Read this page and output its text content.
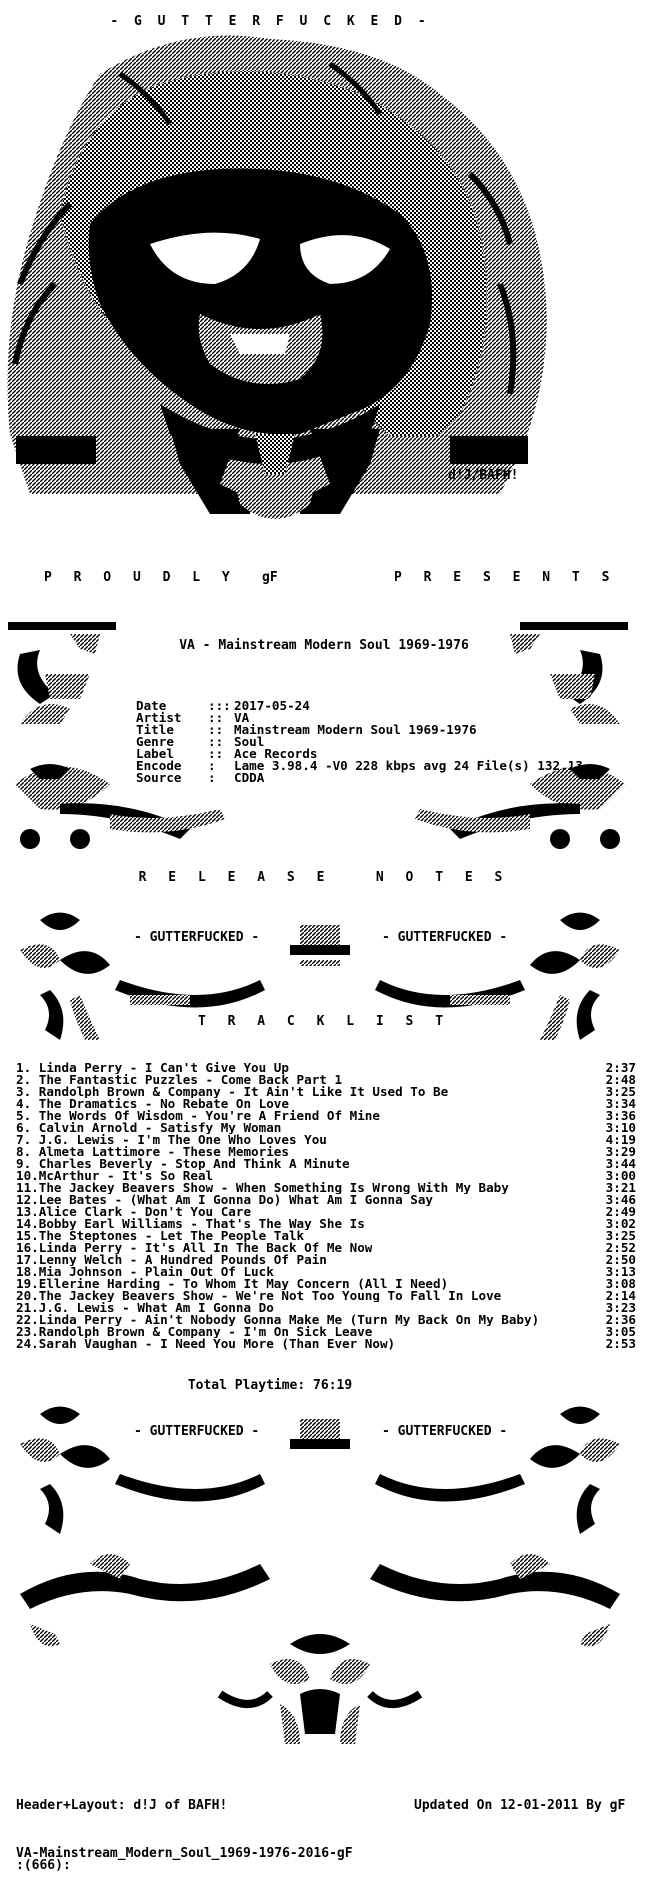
- G U T T E R F U C K E D -
d!J/BAFH!
P R O U D L Y gF	P R E S E N T S
VA - Mainstream Modern Soul 1969-1976
Date	::: 2017-05-24
Artist	:: VA
Title	:: Mainstream Modern Soul 1969-1976
Genre	:: Soul
Label	:: Ace Records
Encode	:	Lame 3.98.4 -V0 228 kbps avg 24 File(s) 132.13
Source	:	CDDA
R E L E A S E   N O T E S
- GUTTERFUCKED -	- GUTTERFUCKED -
T R A C K L I S T
1. Linda Perry - I Can't Give You Up	2:37
2. The Fantastic Puzzles - Come Back Part 1	2:48
3. Randolph Brown & Company - It Ain't Like It Used To Be	3:25
4. The Dramatics - No Rebate On Love	3:34
5. The Words Of Wisdom - You're A Friend Of Mine	3:36
6. Calvin Arnold - Satisfy My Woman	3:10
7. J.G. Lewis - I'm The One Who Loves You	4:19
8. Almeta Lattimore - These Memories	3:29
9. Charles Beverly - Stop And Think A Minute	3:44
10.McArthur - It's So Real	3:00
11.The Jackey Beavers Show - When Something Is Wrong With My Baby	3:21
12.Lee Bates - (What Am I Gonna Do) What Am I Gonna Say	3:46
13.Alice Clark - Don't You Care	2:49
14.Bobby Earl Williams - That's The Way She Is	3:02
15.The Steptones - Let The People Talk	3:25
16.Linda Perry - It's All In The Back Of Me Now	2:52
17.Lenny Welch - A Hundred Pounds Of Pain	2:50
18.Mia Johnson - Plain Out Of Luck	3:13
19.Ellerine Harding - To Whom It May Concern (All I Need)	3:08
20.The Jackey Beavers Show - We're Not Too Young To Fall In Love	2:14
21.J.G. Lewis - What Am I Gonna Do	3:23
22.Linda Perry - Ain't Nobody Gonna Make Me (Turn My Back On My Baby)	2:36
23.Randolph Brown & Company - I'm On Sick Leave	3:05
24.Sarah Vaughan - I Need You More (Than Ever Now)	2:53
Total Playtime: 76:19
- GUTTERFUCKED -	- GUTTERFUCKED -
Header+Layout: d!J of BAFH!	Updated On 12-01-2011 By gF
VA-Mainstream_Modern_Soul_1969-1976-2016-gF
:(666):
